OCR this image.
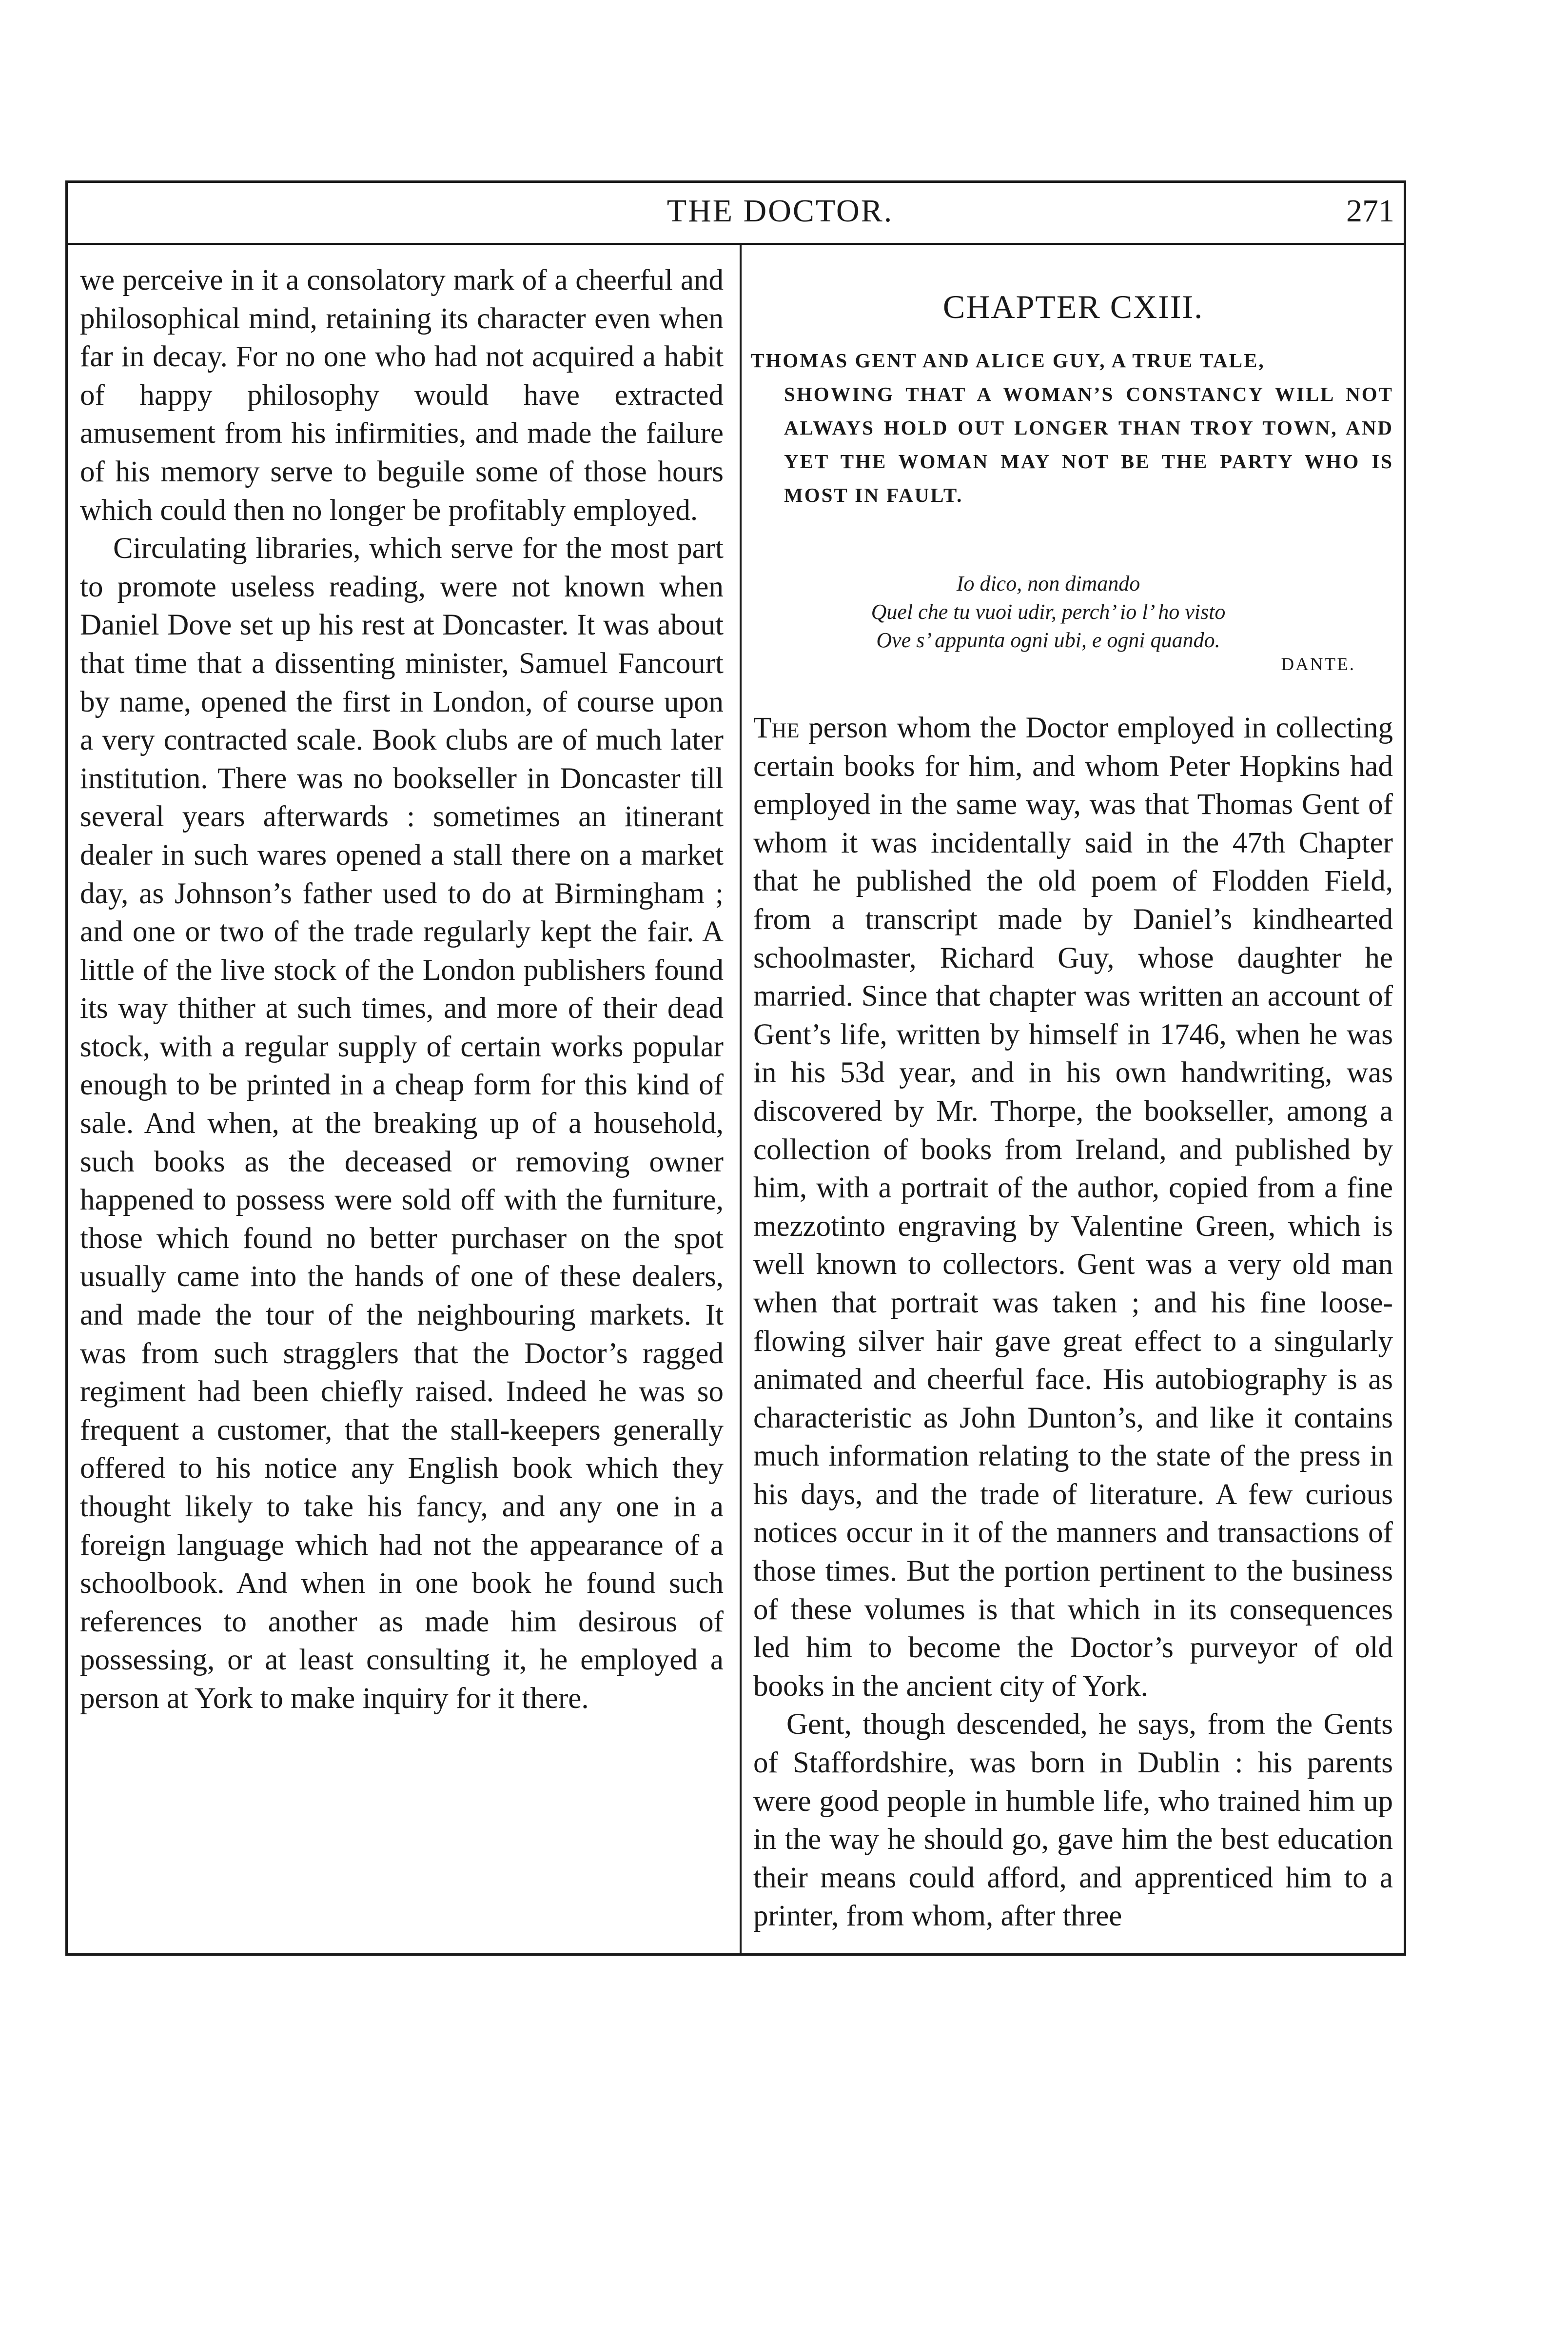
THE DOCTOR.	271

we perceive in it a consolatory mark of a cheerful and philosophical mind, retaining its character even when far in decay. For no one who had not acquired a habit of happy philosophy would have extracted amusement from his infirmities, and made the failure of his memory serve to beguile some of those hours which could then no longer be profitably employed.

Circulating libraries, which serve for the most part to promote useless reading, were not known when Daniel Dove set up his rest at Doncaster. It was about that time that a dissenting minister, Samuel Fancourt by name, opened the first in London, of course upon a very contracted scale. Book clubs are of much later institution. There was no bookseller in Doncaster till several years afterwards : sometimes an itinerant dealer in such wares opened a stall there on a market day, as Johnson’s father used to do at Birmingham ; and one or two of the trade regularly kept the fair. A little of the live stock of the London publishers found its way thither at such times, and more of their dead stock, with a regular supply of certain works popular enough to be printed in a cheap form for this kind of sale. And when, at the breaking up of a household, such books as the deceased or removing owner happened to possess were sold off with the furniture, those which found no better purchaser on the spot usually came into the hands of one of these dealers, and made the tour of the neighbouring markets. It was from such stragglers that the Doctor’s ragged regiment had been chiefly raised. Indeed he was so frequent a customer, that the stall-keepers generally offered to his notice any English book which they thought likely to take his fancy, and any one in a foreign language which had not the appearance of a schoolbook. And when in one book he found such references to another as made him desirous of possessing, or at least consulting it, he employed a person at York to make inquiry for it there.

CHAPTER CXIII.
THOMAS GENT AND ALICE GUY, A TRUE TALE,
SHOWING THAT A WOMAN’S CONSTANCY WILL NOT ALWAYS HOLD OUT LONGER THAN TROY TOWN, AND YET THE WOMAN MAY NOT BE THE PARTY WHO IS MOST IN FAULT.
Io dico, non dimando
Quel che tu vuoi udir, perch’ io l’ ho visto
Ove s’ appunta ogni ubi, e ogni quando.
DANTE.

The person whom the Doctor employed in collecting certain books for him, and whom Peter Hopkins had employed in the same way, was that Thomas Gent of whom it was incidentally said in the 47th Chapter that he published the old poem of Flodden Field, from a transcript made by Daniel’s kindhearted schoolmaster, Richard Guy, whose daughter he married. Since that chapter was written an account of Gent’s life, written by himself in 1746, when he was in his 53d year, and in his own handwriting, was discovered by Mr. Thorpe, the bookseller, among a collection of books from Ireland, and published by him, with a portrait of the author, copied from a fine mezzotinto engraving by Valentine Green, which is well known to collectors. Gent was a very old man when that portrait was taken ; and his fine loose-flowing silver hair gave great effect to a singularly animated and cheerful face. His autobiography is as characteristic as John Dunton’s, and like it contains much information relating to the state of the press in his days, and the trade of literature. A few curious notices occur in it of the manners and transactions of those times. But the portion pertinent to the business of these volumes is that which in its consequences led him to become the Doctor’s purveyor of old books in the ancient city of York.

Gent, though descended, he says, from the Gents of Staffordshire, was born in Dublin : his parents were good people in humble life, who trained him up in the way he should go, gave him the best education their means could afford, and apprenticed him to a printer, from whom, after three
